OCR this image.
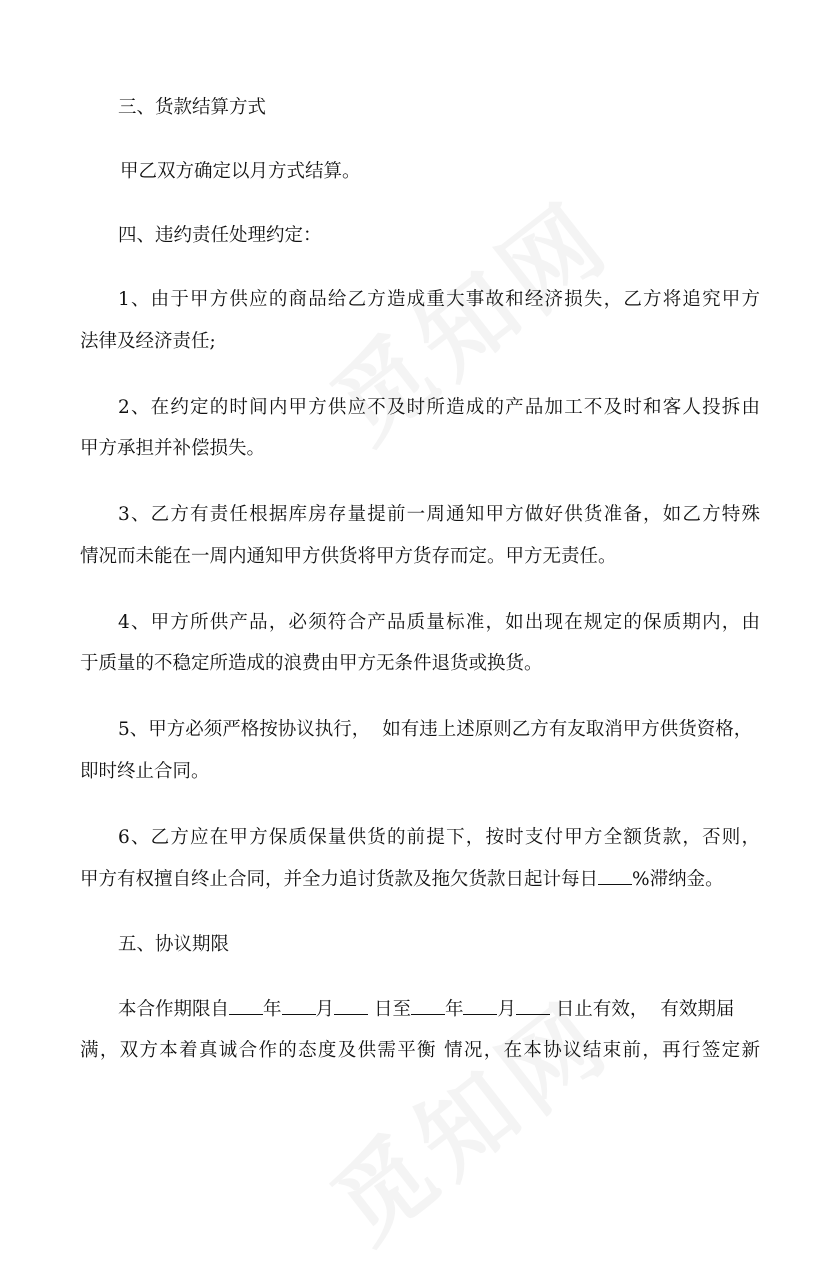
三、货款结算方式
甲乙双方确定以月方式结算。
四、违约责任处理约定：
1、由于甲方供应的商品给乙方造成重大事故和经济损失，乙方将追究甲方
法律及经济责任;
2、在约定的时间内甲方供应不及时所造成的产品加工不及时和客人投拆由
甲方承担并补偿损失。
3、乙方有责任根据库房存量提前一周通知甲方做好供货准备，如乙方特殊
情况而未能在一周内通知甲方供货将甲方货存而定。甲方无责任。
4、甲方所供产品，必须符合产品质量标准，如出现在规定的保质期内，由
于质量的不稳定所造成的浪费由甲方无条件退货或换货。
5、甲方必须严格按协议执行， 如有违上述原则乙方有友取消甲方供货资格，
即时终止合同。
6、乙方应在甲方保质保量供货的前提下，按时支付甲方全额货款，否则，
甲方有权擅自终止合同，并全力追讨货款及拖欠货款日起计每日 %滞纳金。
五、协议期限
本合作期限自 年 月 日至 年 月 日止有效， 有效期届
满，双方本着真诚合作的态度及供需平衡 情况，在本协议结束前，再行签定新
